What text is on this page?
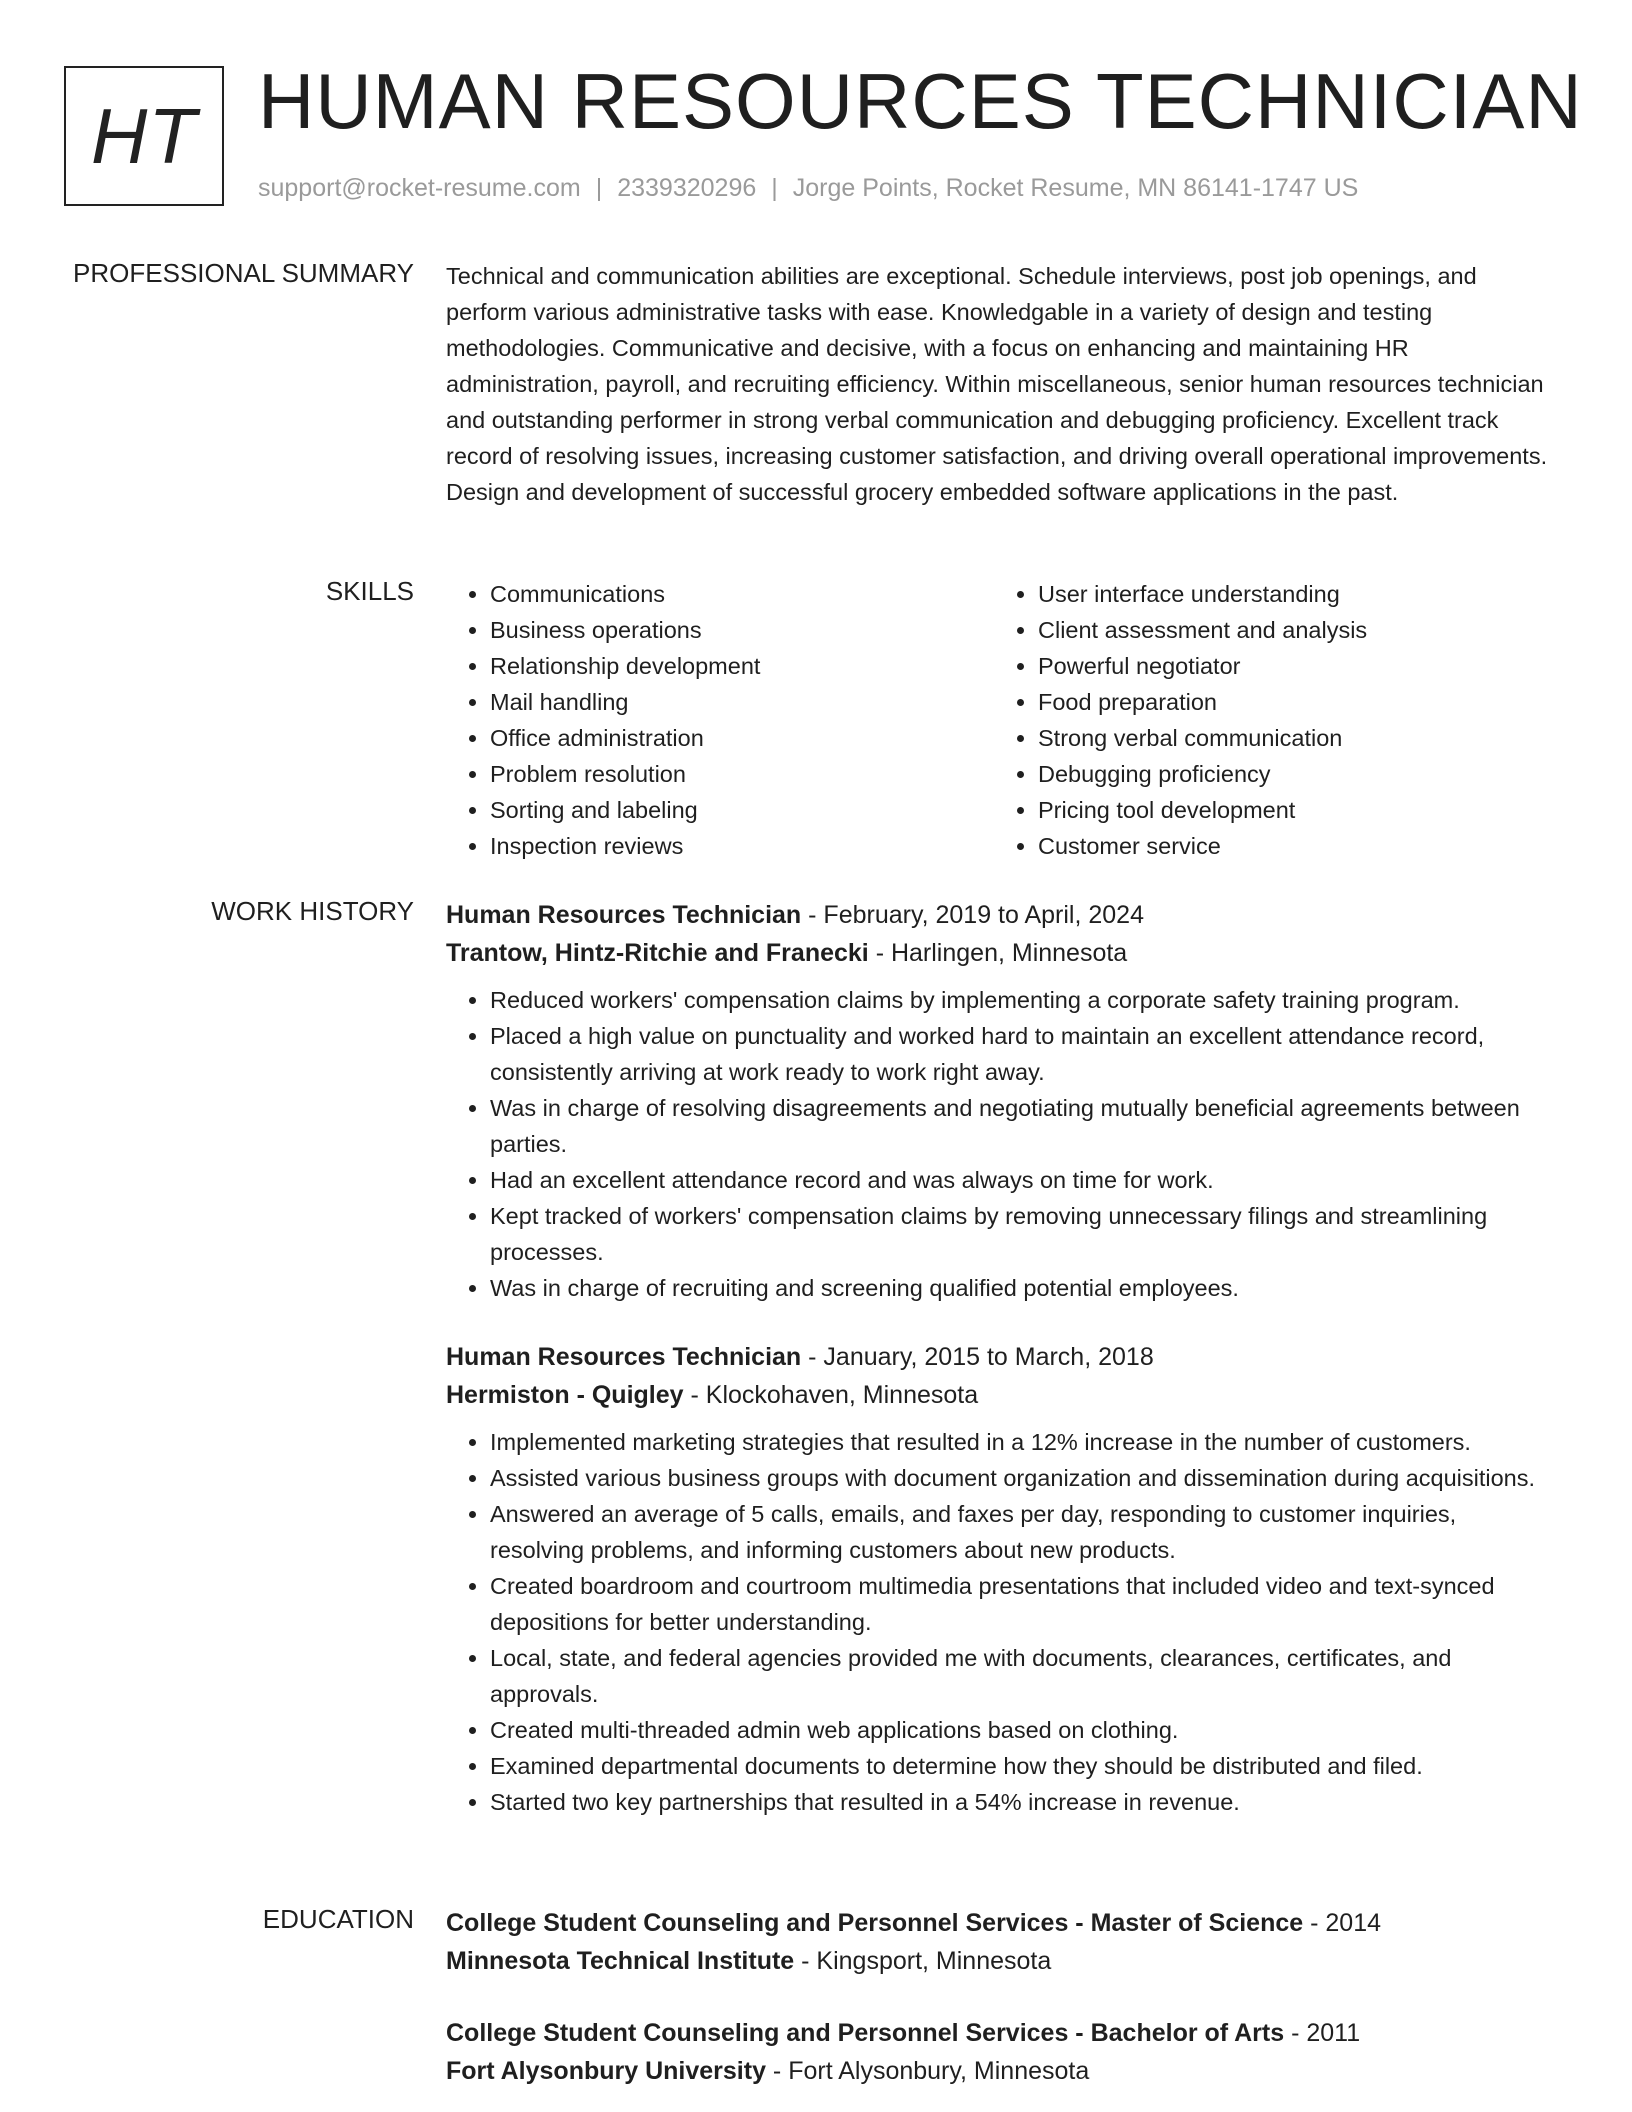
HT HUMAN RESOURCES TECHNICIAN
support@rocket-resume.com | 2339320296 | Jorge Points, Rocket Resume, MN 86141-1747 US
PROFESSIONAL SUMMARY Technical and communication abilities are exceptional. Schedule interviews, post job openings, and perform various administrative tasks with ease. Knowledgable in a variety of design and testing methodologies. Communicative and decisive, with a focus on enhancing and maintaining HR administration, payroll, and recruiting efficiency. Within miscellaneous, senior human resources technician and outstanding performer in strong verbal communication and debugging proficiency. Excellent track record of resolving issues, increasing customer satisfaction, and driving overall operational improvements. Design and development of successful grocery embedded software applications in the past.

SKILLS
•	Communications
• Business operations
• Relationship development
• Mail handling
• Office administration
• Problem resolution
• Sorting and labeling
• Inspection reviews
• User interface understanding
• Client assessment and analysis
• Powerful negotiator
• Food preparation
• Strong verbal communication
• Debugging proficiency
• Pricing tool development
• Customer service
WORK HISTORY Human Resources Technician - February, 2019 to April, 2024
Trantow, Hintz-Ritchie and Franecki - Harlingen, Minnesota
• Reduced workers' compensation claims by implementing a corporate safety training program.
• Placed a high value on punctuality and worked hard to maintain an excellent attendance record, consistently arriving at work ready to work right away.
• Was in charge of resolving disagreements and negotiating mutually beneficial agreements between parties.
• Had an excellent attendance record and was always on time for work.
• Kept tracked of workers' compensation claims by removing unnecessary filings and streamlining processes.
• Was in charge of recruiting and screening qualified potential employees.
Human Resources Technician - January, 2015 to March, 2018
Hermiston - Quigley - Klockohaven, Minnesota
• Implemented marketing strategies that resulted in a 12% increase in the number of customers.
• Assisted various business groups with document organization and dissemination during acquisitions.
• Answered an average of 5 calls, emails, and faxes per day, responding to customer inquiries, resolving problems, and informing customers about new products.
• Created boardroom and courtroom multimedia presentations that included video and text-synced depositions for better understanding.
• Local, state, and federal agencies provided me with documents, clearances, certificates, and approvals.
• Created multi-threaded admin web applications based on clothing.
• Examined departmental documents to determine how they should be distributed and filed.
• Started two key partnerships that resulted in a 54% increase in revenue.
EDUCATION College Student Counseling and Personnel Services - Master of Science - 2014
Minnesota Technical Institute - Kingsport, Minnesota
College Student Counseling and Personnel Services - Bachelor of Arts - 2011
Fort Alysonbury University - Fort Alysonbury, Minnesota
